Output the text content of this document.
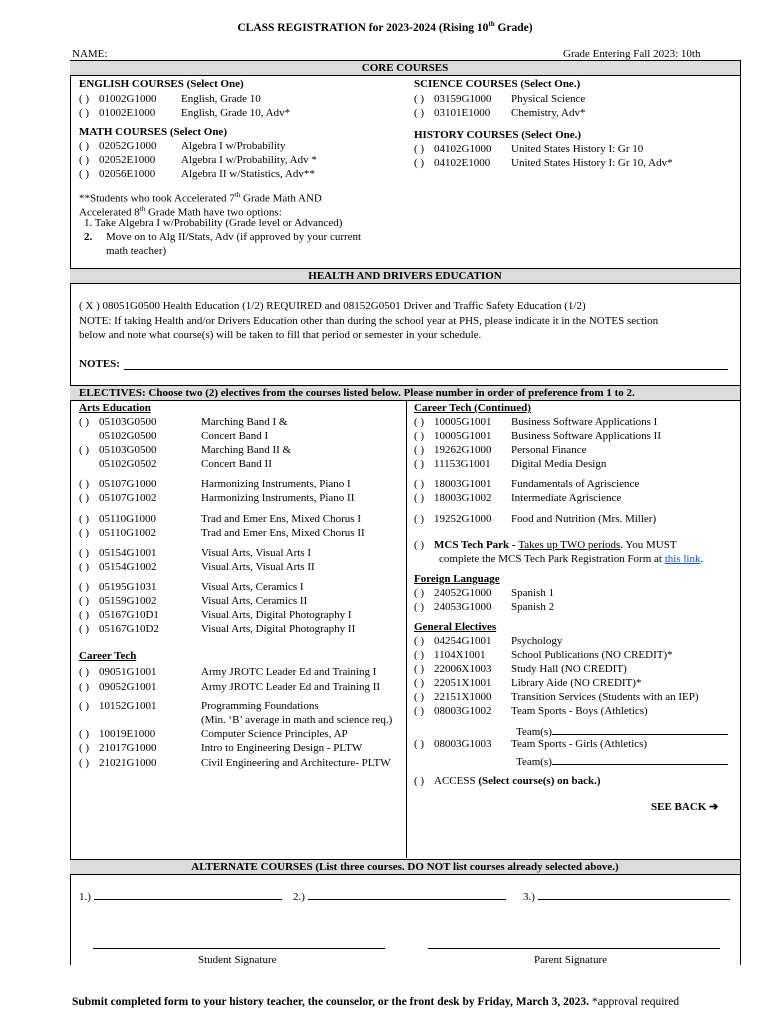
CLASS REGISTRATION for 2023-2024 (Rising 10th Grade)
NAME:	Grade Entering Fall 2023: 10th
CORE COURSES
ENGLISH COURSES (Select One)
( ) 01002G1000 English, Grade 10
( ) 01002E1000 English, Grade 10, Adv*
MATH COURSES (Select One)
( ) 02052G1000 Algebra I w/Probability
( ) 02052E1000 Algebra I w/Probability, Adv *
( ) 02056E1000 Algebra II w/Statistics, Adv**
**Students who took Accelerated 7th Grade Math AND
Accelerated 8th Grade Math have two options:
1. Take Algebra I w/Probability (Grade level or Advanced)
2. Move on to Alg II/Stats, Adv (if approved by your current
math teacher)
SCIENCE COURSES (Select One.)
( ) 03159G1000 Physical Science
( ) 03101E1000 Chemistry, Adv*
HISTORY COURSES (Select One.)
( ) 04102G1000 United States History I: Gr 10
( ) 04102E1000 United States History I: Gr 10, Adv*
HEALTH AND DRIVERS EDUCATION
( X ) 08051G0500 Health Education (1/2) REQUIRED and 08152G0501 Driver and Traffic Safety Education (1/2)
NOTE: If taking Health and/or Drivers Education other than during the school year at PHS, please indicate it in the NOTES section
below and note what course(s) will be taken to fill that period or semester in your schedule.
NOTES:
ELECTIVES: Choose two (2) electives from the courses listed below. Please number in order of preference from 1 to 2.
Arts Education
( ) 05103G0500	Marching Band I &
05102G0500	Concert Band I
( ) 05103G0500	Marching Band II &
05102G0502	Concert Band II
( ) 05107G1000	Harmonizing Instruments, Piano I
( ) 05107G1002	Harmonizing Instruments, Piano II
( ) 05110G1000	Trad and Emer Ens, Mixed Chorus I
( ) 05110G1002	Trad and Emer Ens, Mixed Chorus II
( ) 05154G1001	Visual Arts, Visual Arts I
( ) 05154G1002	Visual Arts, Visual Arts II
( ) 05195G1031	Visual Arts, Ceramics I
( ) 05159G1002	Visual Arts, Ceramics II
( ) 05167G10D1	Visual Arts, Digital Photography I
( ) 05167G10D2	Visual Arts, Digital Photography II
Career Tech
( ) 09051G1001	Army JROTC Leader Ed and Training I
( ) 09052G1001	Army JROTC Leader Ed and Training II
( ) 10152G1001	Programming Foundations
(Min. ‘B’ average in math and science req.)
( ) 10019E1000	Computer Science Principles, AP
( ) 21017G1000	Intro to Engineering Design - PLTW
( ) 21021G1000	Civil Engineering and Architecture- PLTW
Career Tech (Continued)
( ) 10005G1001 Business Software Applications I
( ) 10005G1001 Business Software Applications II
( ) 19262G1000 Personal Finance
( ) 11153G1001 Digital Media Design
( ) 18003G1001 Fundamentals of Agriscience
( ) 18003G1002 Intermediate Agriscience
( ) 19252G1000 Food and Nutrition (Mrs. Miller)
( ) MCS Tech Park - Takes up TWO periods. You MUST
complete the MCS Tech Park Registration Form at this link.
Foreign Language
( ) 24052G1000 Spanish 1
( ) 24053G1000 Spanish 2
General Electives
( ) 04254G1001 Psychology
( ) 1104X1001 School Publications (NO CREDIT)*
( ) 22006X1003 Study Hall (NO CREDIT)
( ) 22051X1001 Library Aide (NO CREDIT)*
( ) 22151X1000 Transition Services (Students with an IEP)
( ) 08003G1002 Team Sports - Boys (Athletics)
Team(s)
( ) 08003G1003 Team Sports - Girls (Athletics)
Team(s)
( ) ACCESS (Select course(s) on back.)
SEE BACK ➔
ALTERNATE COURSES (List three courses. DO NOT list courses already selected above.)
1.)	2.)	3.)
Student Signature	Parent Signature
Submit completed form to your history teacher, the counselor, or the front desk by Friday, March 3, 2023. *approval required
